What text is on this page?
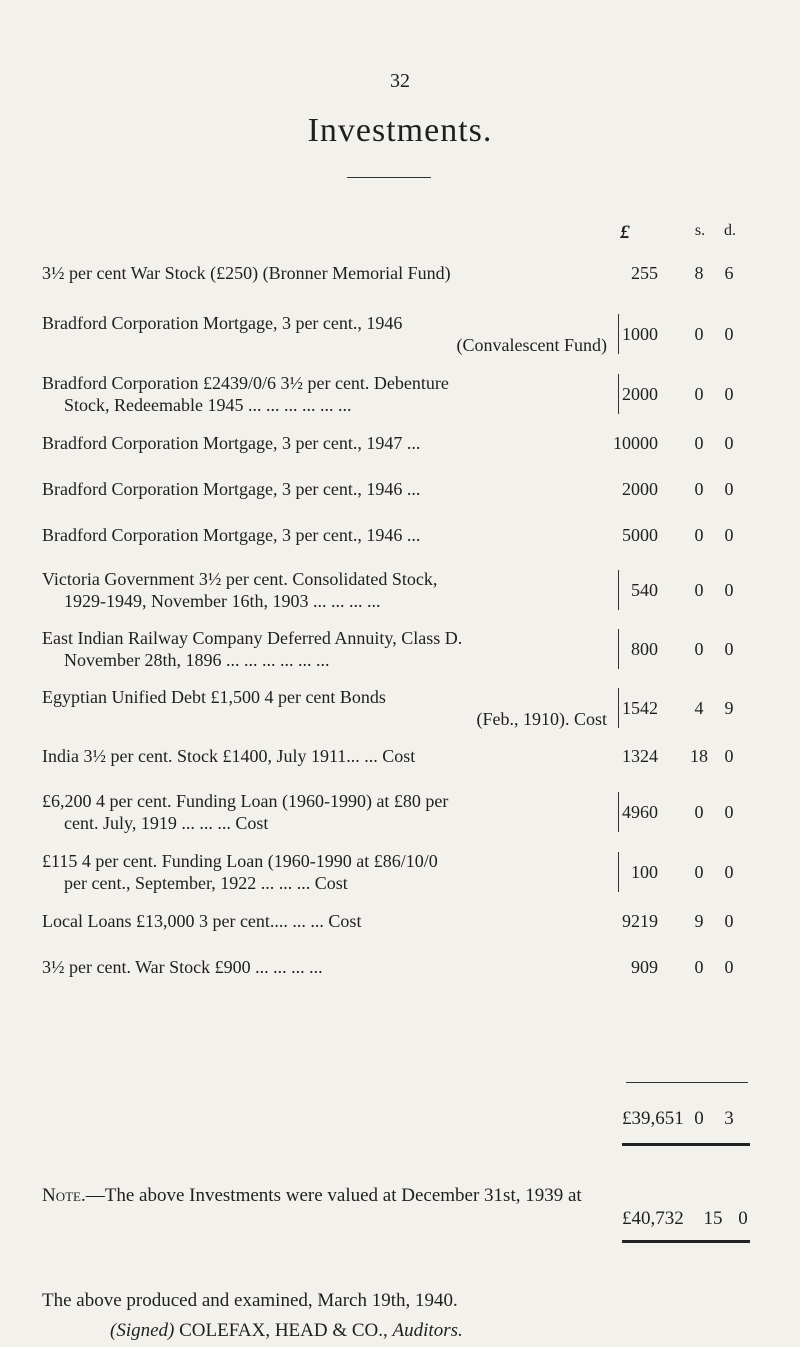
32
Investments.
£	s.	d.
3½ per cent War Stock (£250) (Bronner Memorial Fund)	255	8	6
Bradford Corporation Mortgage, 3 per cent., 1946
(Convalescent Fund)
1000	0	0
Bradford Corporation £2439/0/6 3½ per cent. Debenture
Stock, Redeemable 1945 ... ... ... ... ... ...
2000	0	0
Bradford Corporation Mortgage, 3 per cent., 1947 ...	10000	0	0
Bradford Corporation Mortgage, 3 per cent., 1946 ...	2000	0	0
Bradford Corporation Mortgage, 3 per cent., 1946 ...	5000	0	0
Victoria Government 3½ per cent. Consolidated Stock,
1929-1949, November 16th, 1903 ... ... ... ...
540	0	0
East Indian Railway Company Deferred Annuity, Class D.
November 28th, 1896 ... ... ... ... ... ...
800	0	0
Egyptian Unified Debt £1,500 4 per cent Bonds
(Feb., 1910). Cost
1542	4	9
India 3½ per cent. Stock £1400, July 1911... ... Cost	1324	18 0
£6,200 4 per cent. Funding Loan (1960-1990) at £80 per
cent. July, 1919 ... ... ... Cost
4960	0	0
£115 4 per cent. Funding Loan (1960-1990 at £86/10/0
per cent., September, 1922 ... ... ... Cost
100	0	0
Local Loans £13,000 3 per cent.... ... ... Cost	9219	9	0
3½ per cent. War Stock £900 ... ... ... ...	909	0	0
£39,651 0	3
Note.—The above Investments were valued at December 31st, 1939 at
£40,732 15 0
The above produced and examined, March 19th, 1940.
(Signed) COLEFAX, HEAD & CO., Auditors.
